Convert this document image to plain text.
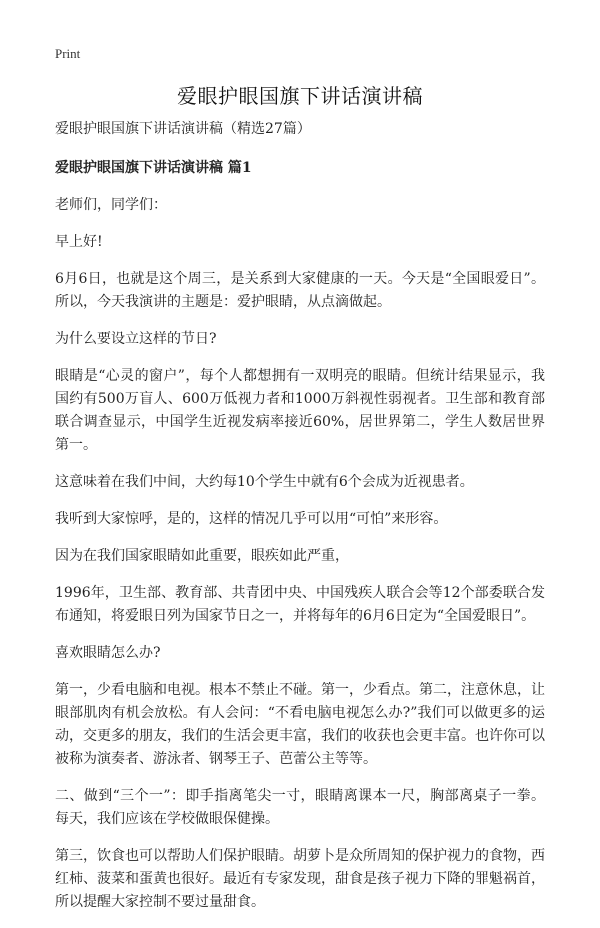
Print
爱眼护眼国旗下讲话演讲稿

爱眼护眼国旗下讲话演讲稿（精选27篇）

爱眼护眼国旗下讲话演讲稿 篇1

老师们，同学们：

早上好!

6月6日，也就是这个周三，是关系到大家健康的一天。今天是“全国眼爱日”。所以，今天我演讲的主题是：爱护眼睛，从点滴做起。

为什么要设立这样的节日?

眼睛是“心灵的窗户”，每个人都想拥有一双明亮的眼睛。但统计结果显示，我国约有500万盲人、600万低视力者和1000万斜视性弱视者。卫生部和教育部联合调查显示，中国学生近视发病率接近60%，居世界第二，学生人数居世界第一。

这意味着在我们中间，大约每10个学生中就有6个会成为近视患者。

我听到大家惊呼，是的，这样的情况几乎可以用“可怕”来形容。

因为在我们国家眼睛如此重要，眼疾如此严重，

1996年，卫生部、教育部、共青团中央、中国残疾人联合会等12个部委联合发布通知，将爱眼日列为国家节日之一，并将每年的6月6日定为“全国爱眼日”。

喜欢眼睛怎么办?

第一，少看电脑和电视。根本不禁止不碰。第一，少看点。第二，注意休息，让眼部肌肉有机会放松。有人会问：“不看电脑电视怎么办?”我们可以做更多的运动，交更多的朋友，我们的生活会更丰富，我们的收获也会更丰富。也许你可以被称为演奏者、游泳者、钢琴王子、芭蕾公主等等。

二、做到“三个一”：即手指离笔尖一寸，眼睛离课本一尺，胸部离桌子一拳。每天，我们应该在学校做眼保健操。

第三，饮食也可以帮助人们保护眼睛。胡萝卜是众所周知的保护视力的食物，西红柿、菠菜和蛋黄也很好。最近有专家发现，甜食是孩子视力下降的罪魁祸首，所以提醒大家控制不要过量甜食。
